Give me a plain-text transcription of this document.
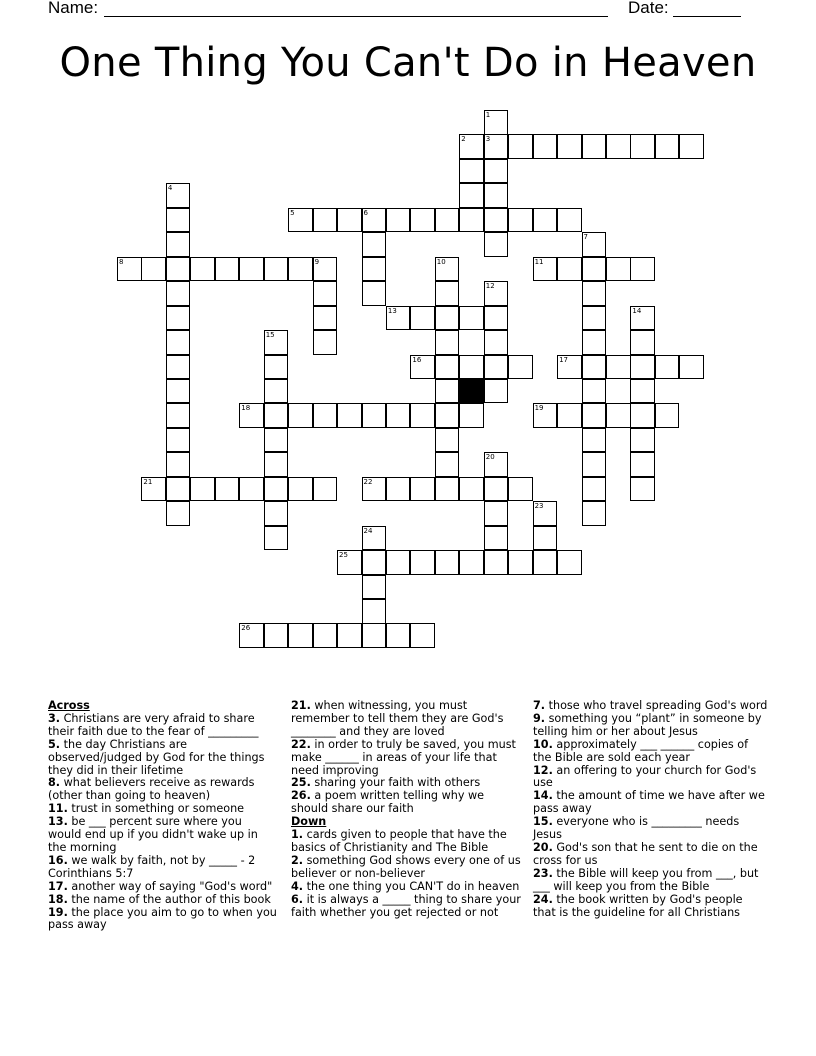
Name:	Date:
One Thing You Can't Do in Heaven
1
3
2
4
5	6
7
8	9	10	11
12
13	14
15
16	17
18	19
20
21	22
23
24
25
26

Across

3. Christians are very afraid to share their faith due to the fear of _________

5. the day Christians are observed/judged by God for the things they did in their lifetime

8. what believers receive as rewards (other than going to heaven)

11. trust in something or someone

13. be ___ percent sure where you would end up if you didn't wake up in the morning

16. we walk by faith, not by _____ - 2 Corinthians 5:7

17. another way of saying "God's word"

18. the name of the author of this book

19. the place you aim to go to when you pass away

21. when witnessing, you must remember to tell them they are God's ________ and they are loved

22. in order to truly be saved, you must make ______ in areas of your life that need improving

25. sharing your faith with others

26. a poem written telling why we should share our faith

Down

1. cards given to people that have the basics of Christianity and The Bible

2. something God shows every one of us believer or non-believer

4. the one thing you CAN'T do in heaven

6. it is always a _____ thing to share your faith whether you get rejected or not

7. those who travel spreading God's word

9. something you “plant” in someone by telling him or her about Jesus

10. approximately ___ ______ copies of the Bible are sold each year

12. an offering to your church for God's use

14. the amount of time we have after we pass away

15. everyone who is _________ needs Jesus

20. God's son that he sent to die on the cross for us

23. the Bible will keep you from ___, but ___ will keep you from the Bible

24. the book written by God's people that is the guideline for all Christians
